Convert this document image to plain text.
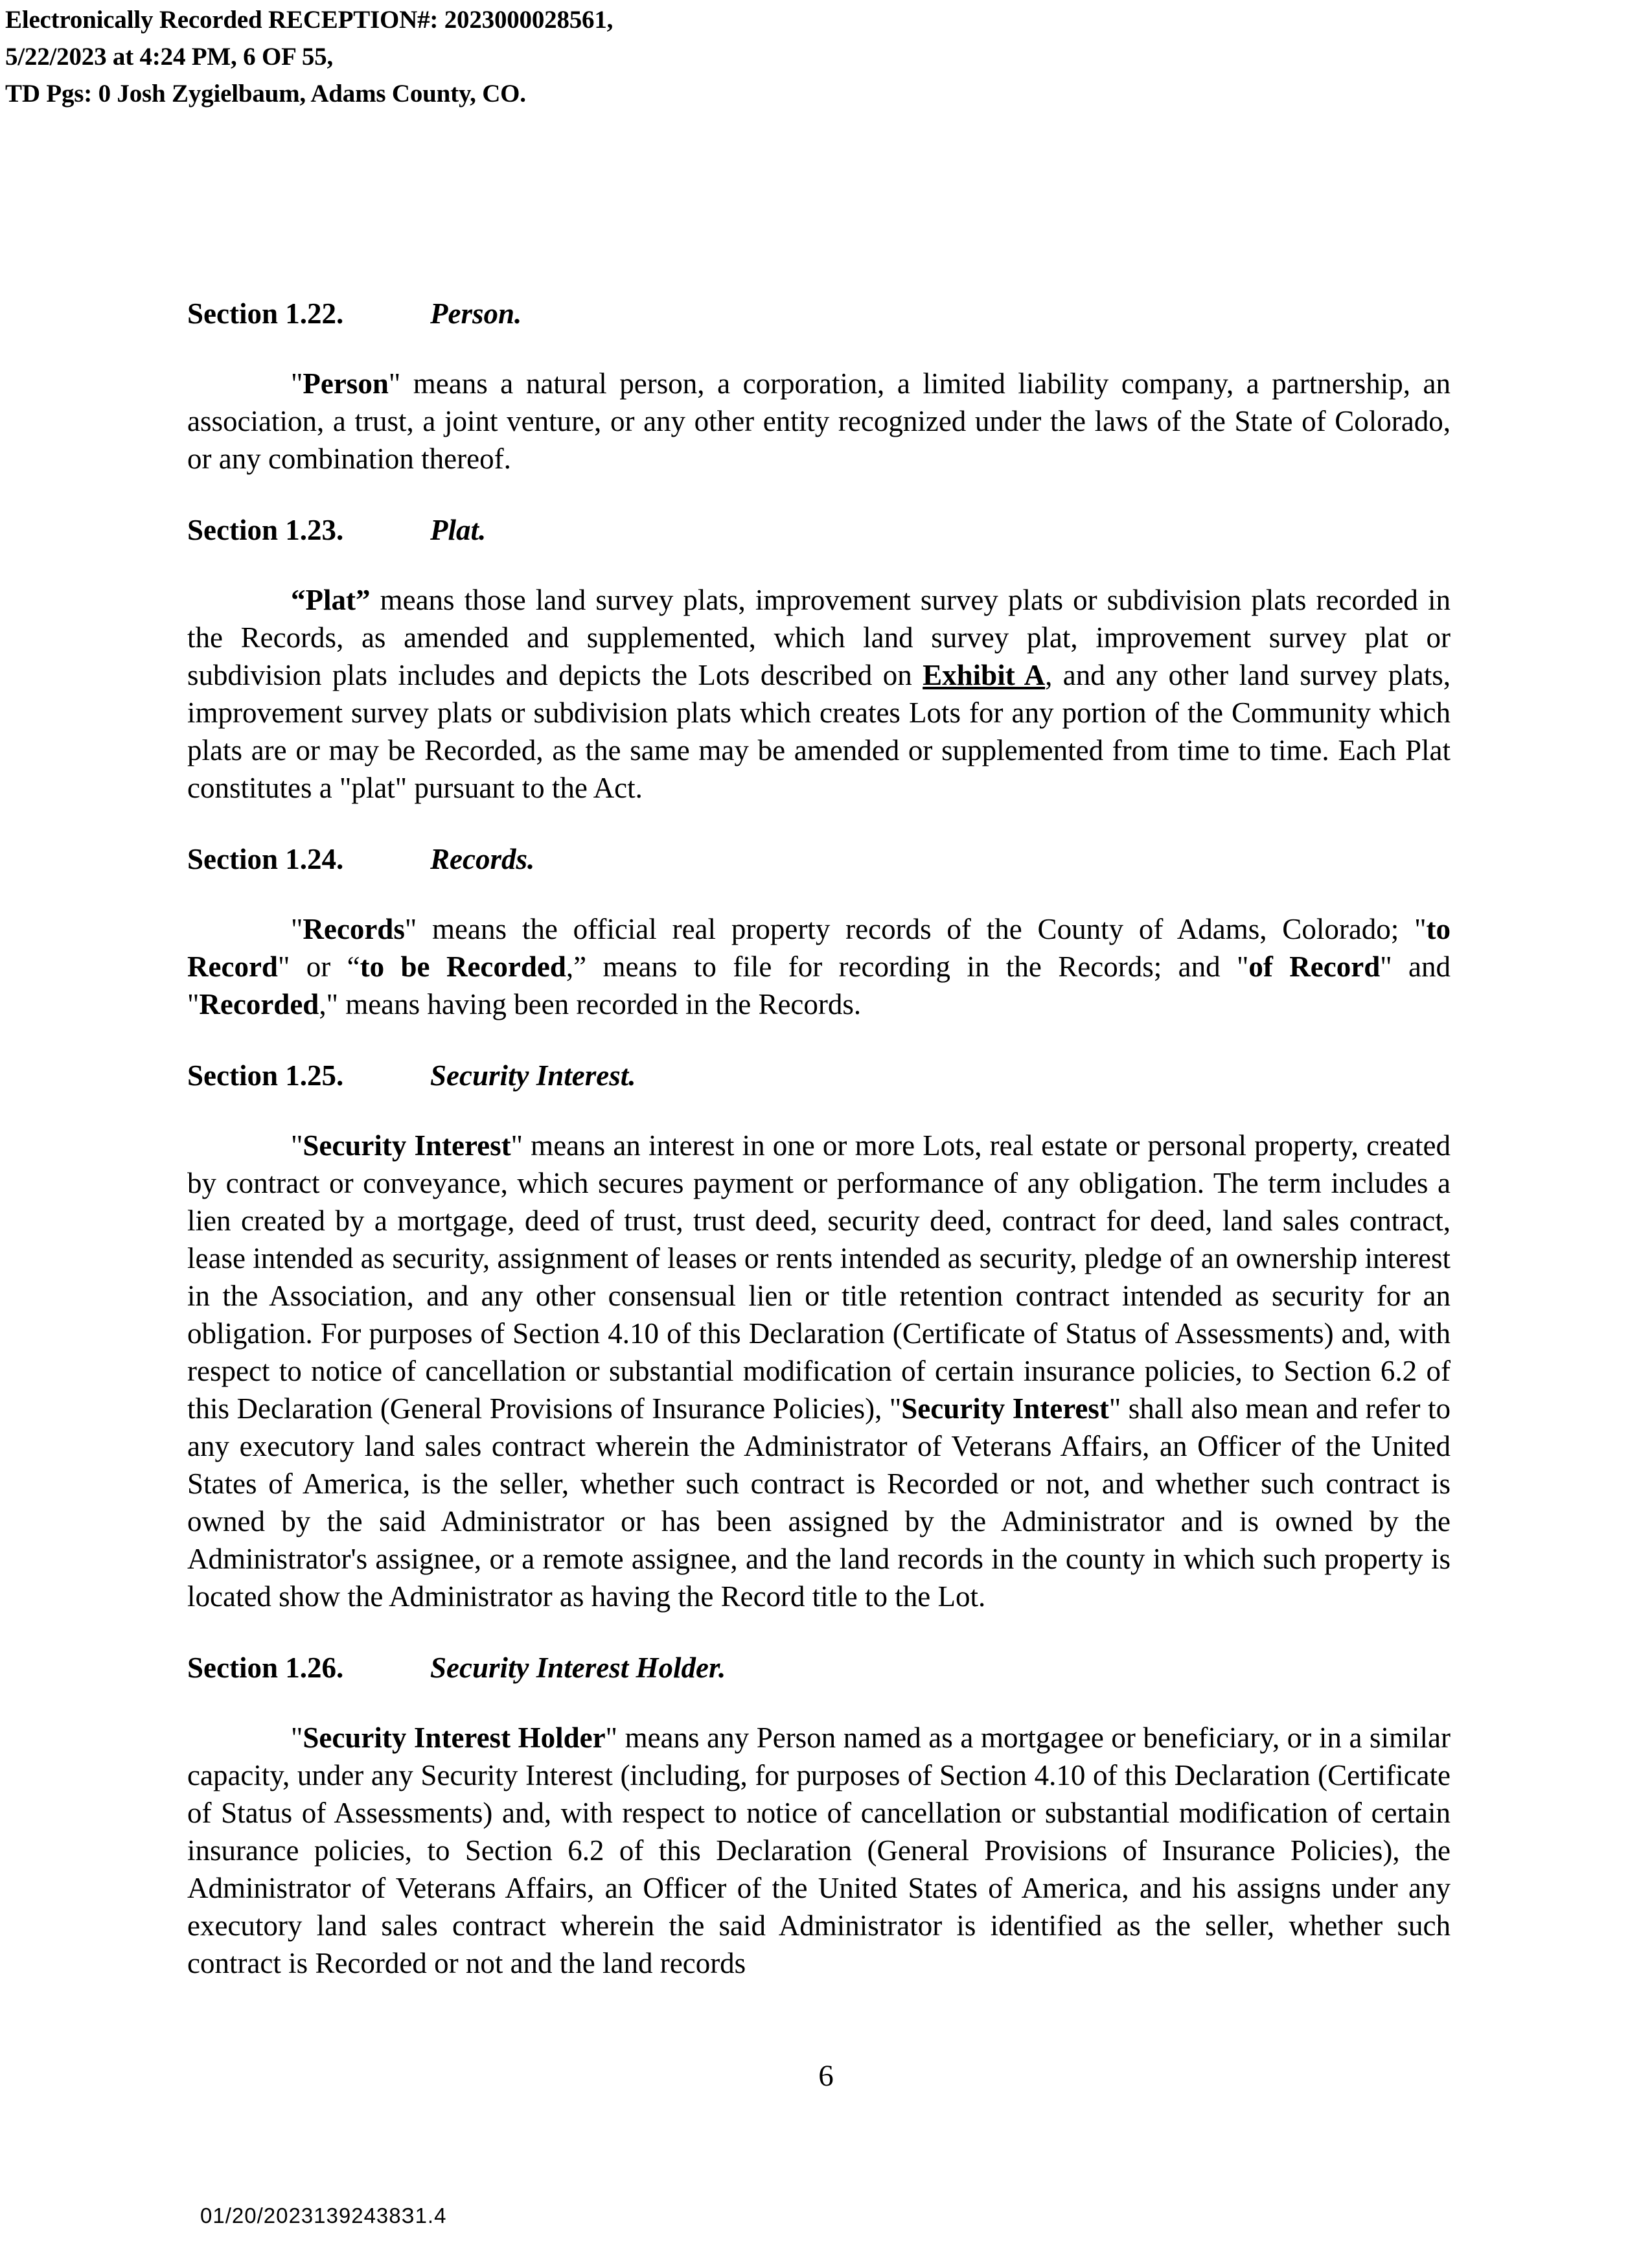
Electronically Recorded RECEPTION#: 2023000028561,
5/22/2023 at 4:24 PM, 6 OF 55,
TD Pgs: 0 Josh Zygielbaum, Adams County, CO.

Section 1.22.	Person.

"Person" means a natural person, a corporation, a limited liability company, a partnership, an association, a trust, a joint venture, or any other entity recognized under the laws of the State of Colorado, or any combination thereof.

Section 1.23.	Plat.

“Plat” means those land survey plats, improvement survey plats or subdivision plats recorded in the Records, as amended and supplemented, which land survey plat, improvement survey plat or subdivision plats includes and depicts the Lots described on Exhibit A, and any other land survey plats, improvement survey plats or subdivision plats which creates Lots for any portion of the Community which plats are or may be Recorded, as the same may be amended or supplemented from time to time. Each Plat constitutes a "plat" pursuant to the Act.

Section 1.24.	Records.

"Records" means the official real property records of the County of Adams, Colorado; "to Record" or “to be Recorded,” means to file for recording in the Records; and "of Record" and "Recorded," means having been recorded in the Records.

Section 1.25.	Security Interest.

"Security Interest" means an interest in one or more Lots, real estate or personal property, created by contract or conveyance, which secures payment or performance of any obligation. The term includes a lien created by a mortgage, deed of trust, trust deed, security deed, contract for deed, land sales contract, lease intended as security, assignment of leases or rents intended as security, pledge of an ownership interest in the Association, and any other consensual lien or title retention contract intended as security for an obligation. For purposes of Section 4.10 of this Declaration (Certificate of Status of Assessments) and, with respect to notice of cancellation or substantial modification of certain insurance policies, to Section 6.2 of this Declaration (General Provisions of Insurance Policies), "Security Interest" shall also mean and refer to any executory land sales contract wherein the Administrator of Veterans Affairs, an Officer of the United States of America, is the seller, whether such contract is Recorded or not, and whether such contract is owned by the said Administrator or has been assigned by the Administrator and is owned by the Administrator's assignee, or a remote assignee, and the land records in the county in which such property is located show the Administrator as having the Record title to the Lot.

Section 1.26.	Security Interest Holder.

"Security Interest Holder" means any Person named as a mortgagee or beneficiary, or in a similar capacity, under any Security Interest (including, for purposes of Section 4.10 of this Declaration (Certificate of Status of Assessments) and, with respect to notice of cancellation or substantial modification of certain insurance policies, to Section 6.2 of this Declaration (General Provisions of Insurance Policies), the Administrator of Veterans Affairs, an Officer of the United States of America, and his assigns under any executory land sales contract wherein the said Administrator is identified as the seller, whether such contract is Recorded or not and the land records

6
01/20/20231392438З1.4
